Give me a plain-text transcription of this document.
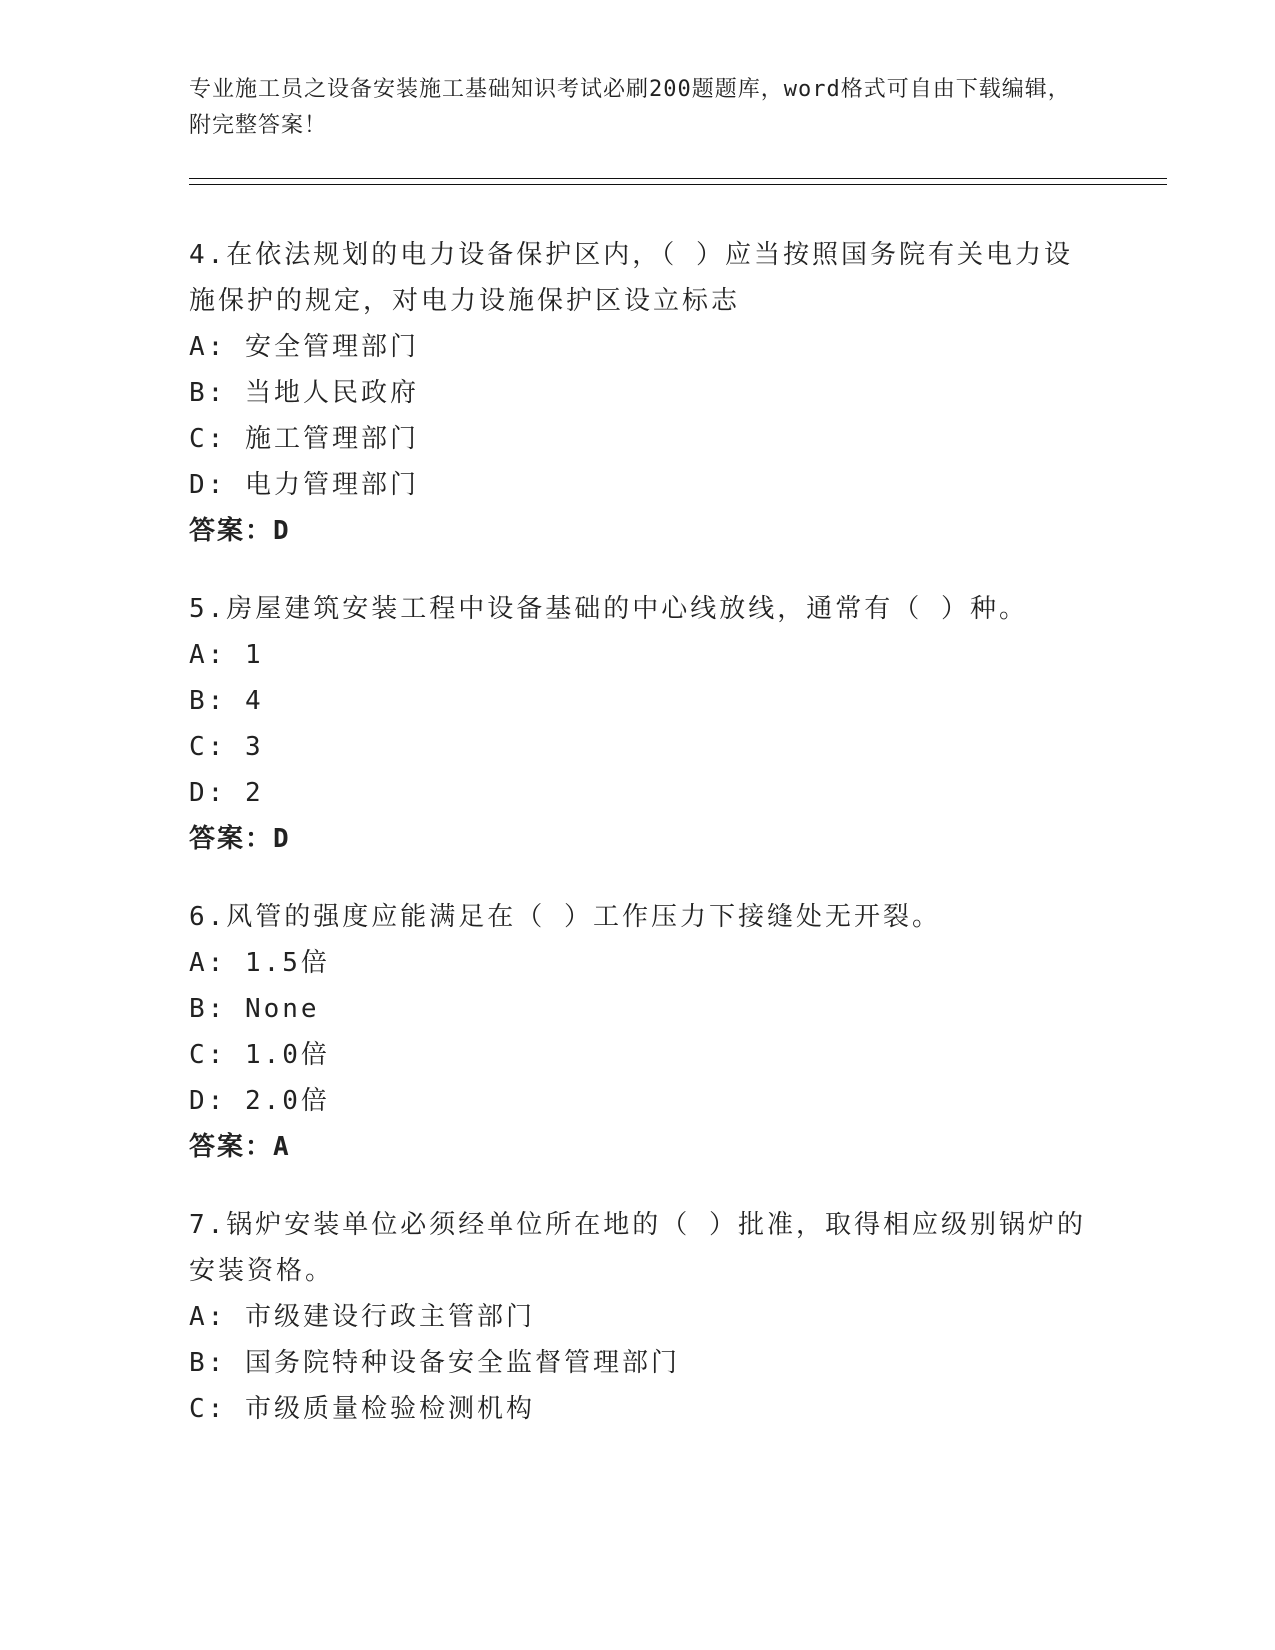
专业施工员之设备安装施工基础知识考试必刷200题题库，word格式可自由下载编辑，附完整答案！

4.在依法规划的电力设备保护区内，（ ）应当按照国务院有关电力设施保护的规定，对电力设施保护区设立标志

A: 安全管理部门

B: 当地人民政府

C: 施工管理部门

D: 电力管理部门

答案：D

5.房屋建筑安装工程中设备基础的中心线放线，通常有（ ）种。

A: 1

B: 4

C: 3

D: 2

答案：D

6.风管的强度应能满足在（ ）工作压力下接缝处无开裂。

A: 1.5倍

B: None

C: 1.0倍

D: 2.0倍

答案：A

7.锅炉安装单位必须经单位所在地的（ ）批准，取得相应级别锅炉的安装资格。

A: 市级建设行政主管部门

B: 国务院特种设备安全监督管理部门

C: 市级质量检验检测机构
